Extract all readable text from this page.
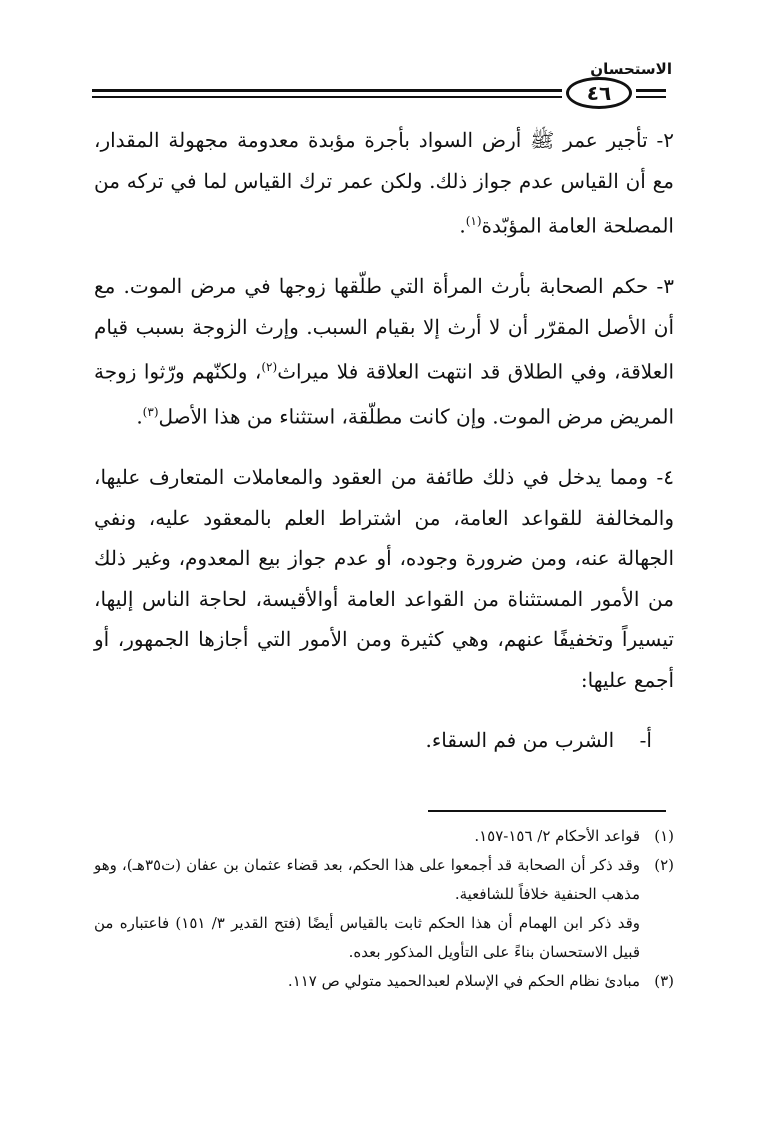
الاستحسان
٤٦

٢- تأجير عمر ﷺ أرض السواد بأجرة مؤبدة معدومة مجهولة المقدار، مع أن القياس عدم جواز ذلك. ولكن عمر ترك القياس لما في تركه من المصلحة العامة المؤبّدة$^{(١)}$.

٣- حكم الصحابة بأرث المرأة التي طلّقها زوجها في مرض الموت. مع أن الأصل المقرّر أن لا أرث إلا بقيام السبب. وإرث الزوجة بسبب قيام العلاقة، وفي الطلاق قد انتهت العلاقة فلا ميراث$^{(٢)}$، ولكنّهم ورّثوا زوجة المريض مرض الموت. وإن كانت مطلّقة، استثناء من هذا الأصل$^{(٣)}$.

٤- ومما يدخل في ذلك طائفة من العقود والمعاملات المتعارف عليها، والمخالفة للقواعد العامة، من اشتراط العلم بالمعقود عليه، ونفي الجهالة عنه، ومن ضرورة وجوده، أو عدم جواز بيع المعدوم، وغير ذلك من الأمور المستثناة من القواعد العامة أوالأقيسة، لحاجة الناس إليها، تيسيراً وتخفيفًا عنهم، وهي كثيرة ومن الأمور التي أجازها الجمهور، أو أجمع عليها:

أ-    الشرب من فم السقاء.

(١)
قواعد الأحكام ٢/ ١٥٦-١٥٧.
(٢)
وقد ذكر أن الصحابة قد أجمعوا على هذا الحكم، بعد قضاء عثمان بن عفان (ت٣٥هـ)، وهو مذهب الحنفية خلافاً للشافعية.
وقد ذكر ابن الهمام أن هذا الحكم ثابت بالقياس أيضًا (فتح القدير ٣/ ١٥١) فاعتباره من قبيل الاستحسان بناءً على التأويل المذكور بعده.
(٣)
مبادئ نظام الحكم في الإسلام لعبدالحميد متولي ص ١١٧.
